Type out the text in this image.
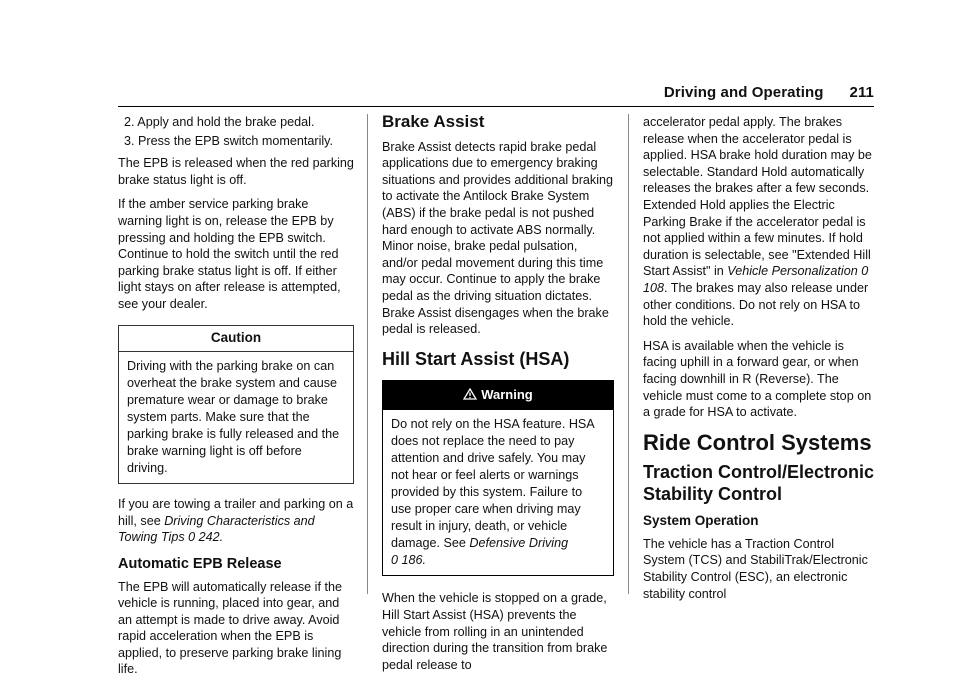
Driving and Operating 211
2. Apply and hold the brake pedal.
3. Press the EPB switch momentarily.

The EPB is released when the red parking brake status light is off.

If the amber service parking brake warning light is on, release the EPB by pressing and holding the EPB switch. Continue to hold the switch until the red parking brake status light is off. If either light stays on after release is attempted, see your dealer.

Caution
Driving with the parking brake on can overheat the brake system and cause premature wear or damage to brake system parts. Make sure that the parking brake is fully released and the brake warning light is off before driving.

If you are towing a trailer and parking on a hill, see Driving Characteristics and Towing Tips 0 242.

Automatic EPB Release

The EPB will automatically release if the vehicle is running, placed into gear, and an attempt is made to drive away. Avoid rapid acceleration when the EPB is applied, to preserve parking brake lining life.

Brake Assist

Brake Assist detects rapid brake pedal applications due to emergency braking situations and provides additional braking to activate the Antilock Brake System (ABS) if the brake pedal is not pushed hard enough to activate ABS normally. Minor noise, brake pedal pulsation, and/or pedal movement during this time may occur. Continue to apply the brake pedal as the driving situation dictates. Brake Assist disengages when the brake pedal is released.

Hill Start Assist (HSA)
Warning
Do not rely on the HSA feature. HSA does not replace the need to pay attention and drive safely. You may not hear or feel alerts or warnings provided by this system. Failure to use proper care when driving may result in injury, death, or vehicle damage. See Defensive Driving
0 186.

When the vehicle is stopped on a grade, Hill Start Assist (HSA) prevents the vehicle from rolling in an unintended direction during the transition from brake pedal release to

accelerator pedal apply. The brakes release when the accelerator pedal is applied. HSA brake hold duration may be selectable. Standard Hold automatically releases the brakes after a few seconds. Extended Hold applies the Electric Parking Brake if the accelerator pedal is not applied within a few minutes. If hold duration is selectable, see "Extended Hill Start Assist" in Vehicle Personalization 0 108. The brakes may also release under other conditions. Do not rely on HSA to hold the vehicle.

HSA is available when the vehicle is facing uphill in a forward gear, or when facing downhill in R (Reverse). The vehicle must come to a complete stop on a grade for HSA to activate.

Ride Control Systems
Traction Control/Electronic Stability Control
System Operation

The vehicle has a Traction Control System (TCS) and StabiliTrak/Electronic Stability Control (ESC), an electronic stability control
